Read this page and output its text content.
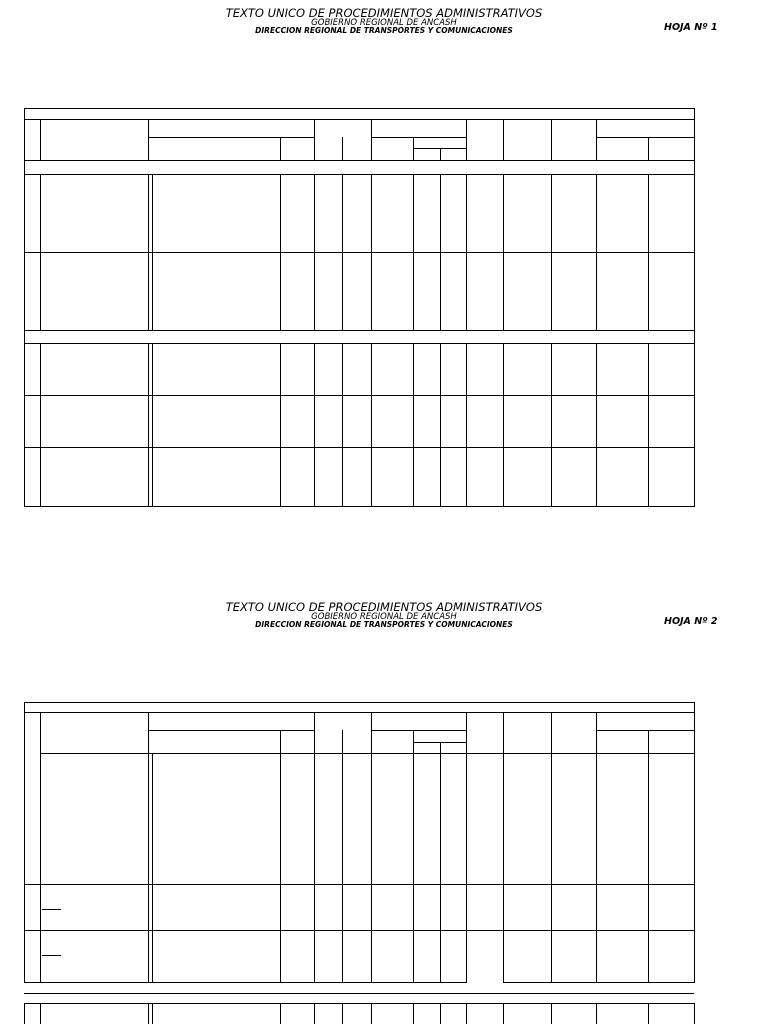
TEXTO UNICO DE PROCEDIMIENTOS ADMINISTRATIVOS
GOBIERNO REGIONAL DE ANCASH
DIRECCION REGIONAL DE TRANSPORTES Y COMUNICACIONES	HOJA Nº 1
TEXTO UNICO DE PROCEDIMIENTOS ADMINISTRATIVOS
GOBIERNO REGIONAL DE ANCASH
DIRECCION REGIONAL DE TRANSPORTES Y COMUNICACIONES	HOJA Nº 2
